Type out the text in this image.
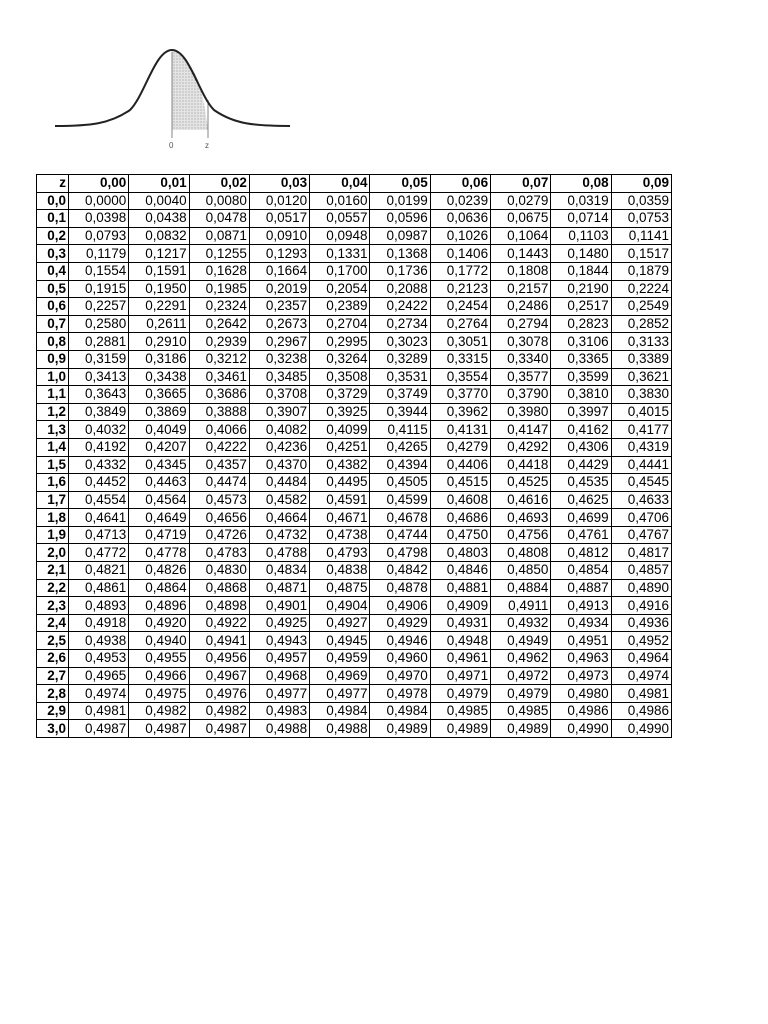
0	z
z	0,00	0,01	0,02	0,03	0,04	0,05	0,06	0,07	0,08	0,09
0,0	0,0000	0,0040	0,0080	0,0120	0,0160	0,0199	0,0239	0,0279	0,0319	0,0359
0,1	0,0398	0,0438	0,0478	0,0517	0,0557	0,0596	0,0636	0,0675	0,0714	0,0753
0,2	0,0793	0,0832	0,0871	0,0910	0,0948	0,0987	0,1026	0,1064	0,1103	0,1141
0,3	0,1179	0,1217	0,1255	0,1293	0,1331	0,1368	0,1406	0,1443	0,1480	0,1517
0,4	0,1554	0,1591	0,1628	0,1664	0,1700	0,1736	0,1772	0,1808	0,1844	0,1879
0,5	0,1915	0,1950	0,1985	0,2019	0,2054	0,2088	0,2123	0,2157	0,2190	0,2224
0,6	0,2257	0,2291	0,2324	0,2357	0,2389	0,2422	0,2454	0,2486	0,2517	0,2549
0,7	0,2580	0,2611	0,2642	0,2673	0,2704	0,2734	0,2764	0,2794	0,2823	0,2852
0,8	0,2881	0,2910	0,2939	0,2967	0,2995	0,3023	0,3051	0,3078	0,3106	0,3133
0,9	0,3159	0,3186	0,3212	0,3238	0,3264	0,3289	0,3315	0,3340	0,3365	0,3389
1,0	0,3413	0,3438	0,3461	0,3485	0,3508	0,3531	0,3554	0,3577	0,3599	0,3621
1,1	0,3643	0,3665	0,3686	0,3708	0,3729	0,3749	0,3770	0,3790	0,3810	0,3830
1,2	0,3849	0,3869	0,3888	0,3907	0,3925	0,3944	0,3962	0,3980	0,3997	0,4015
1,3	0,4032	0,4049	0,4066	0,4082	0,4099	0,4115	0,4131	0,4147	0,4162	0,4177
1,4	0,4192	0,4207	0,4222	0,4236	0,4251	0,4265	0,4279	0,4292	0,4306	0,4319
1,5	0,4332	0,4345	0,4357	0,4370	0,4382	0,4394	0,4406	0,4418	0,4429	0,4441
1,6	0,4452	0,4463	0,4474	0,4484	0,4495	0,4505	0,4515	0,4525	0,4535	0,4545
1,7	0,4554	0,4564	0,4573	0,4582	0,4591	0,4599	0,4608	0,4616	0,4625	0,4633
1,8	0,4641	0,4649	0,4656	0,4664	0,4671	0,4678	0,4686	0,4693	0,4699	0,4706
1,9	0,4713	0,4719	0,4726	0,4732	0,4738	0,4744	0,4750	0,4756	0,4761	0,4767
2,0	0,4772	0,4778	0,4783	0,4788	0,4793	0,4798	0,4803	0,4808	0,4812	0,4817
2,1	0,4821	0,4826	0,4830	0,4834	0,4838	0,4842	0,4846	0,4850	0,4854	0,4857
2,2	0,4861	0,4864	0,4868	0,4871	0,4875	0,4878	0,4881	0,4884	0,4887	0,4890
2,3	0,4893	0,4896	0,4898	0,4901	0,4904	0,4906	0,4909	0,4911	0,4913	0,4916
2,4	0,4918	0,4920	0,4922	0,4925	0,4927	0,4929	0,4931	0,4932	0,4934	0,4936
2,5	0,4938	0,4940	0,4941	0,4943	0,4945	0,4946	0,4948	0,4949	0,4951	0,4952
2,6	0,4953	0,4955	0,4956	0,4957	0,4959	0,4960	0,4961	0,4962	0,4963	0,4964
2,7	0,4965	0,4966	0,4967	0,4968	0,4969	0,4970	0,4971	0,4972	0,4973	0,4974
2,8	0,4974	0,4975	0,4976	0,4977	0,4977	0,4978	0,4979	0,4979	0,4980	0,4981
2,9	0,4981	0,4982	0,4982	0,4983	0,4984	0,4984	0,4985	0,4985	0,4986	0,4986
3,0	0,4987	0,4987	0,4987	0,4988	0,4988	0,4989	0,4989	0,4989	0,4990	0,4990
